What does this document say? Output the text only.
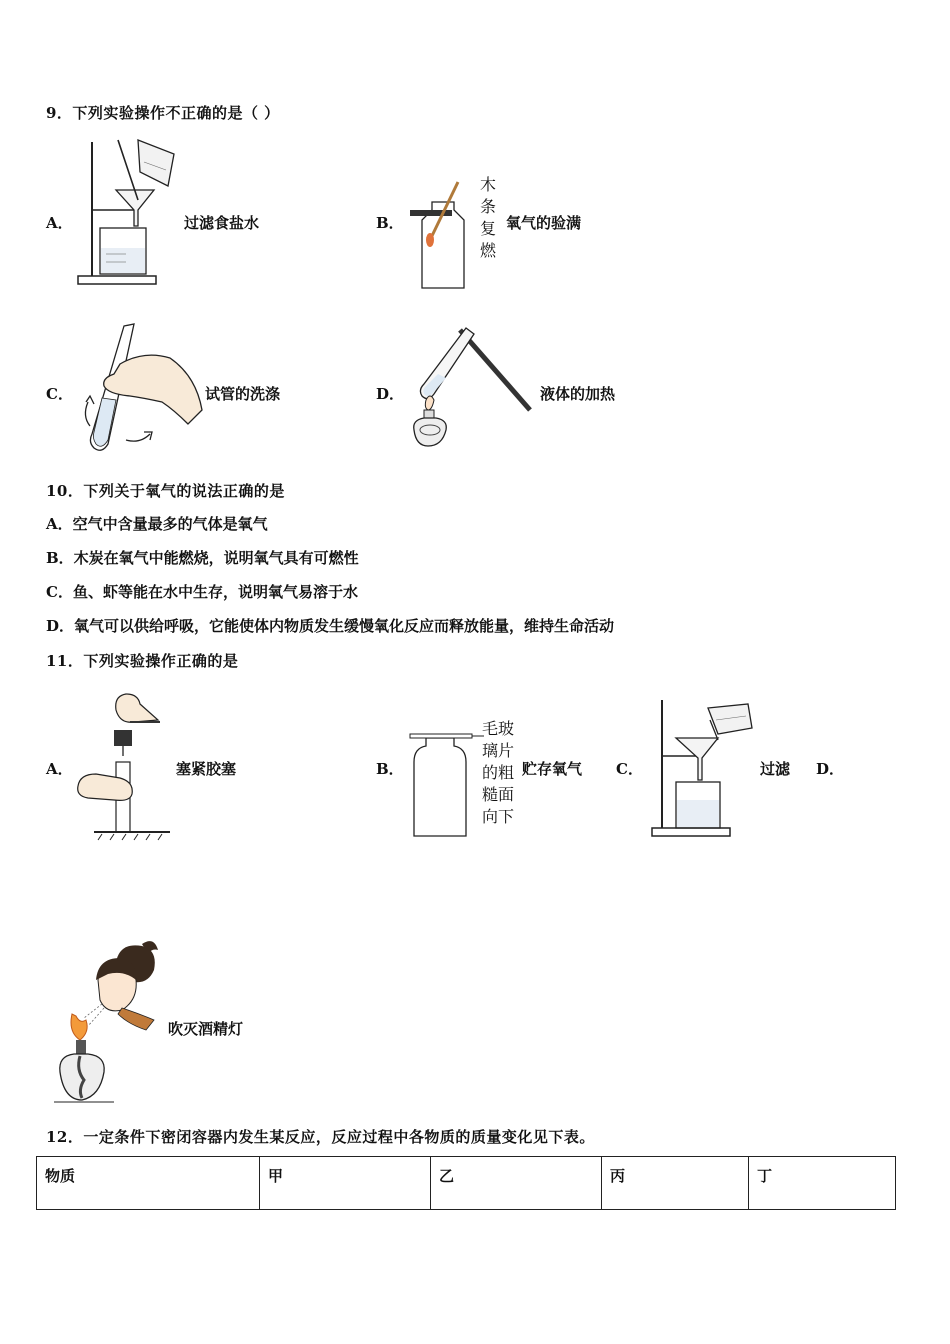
9．下列实验操作不正确的是（ ）
A．	过滤食盐水
木
条
复
燃
B．	氧气的验满
C．	试管的洗涤	D．	液体的加热
10．下列关于氧气的说法正确的是
A．空气中含量最多的气体是氧气
B．木炭在氧气中能燃烧，说明氧气具有可燃性
C．鱼、虾等能在水中生存，说明氧气易溶于水
D．氧气可以供给呼吸，它能使体内物质发生缓慢氧化反应而释放能量，维持生命活动
11．下列实验操作正确的是
A．	塞紧胶塞
毛玻
璃片
的粗
糙面
向下
B．	贮存氧气 C．	过滤 D．
吹灭酒精灯
12．一定条件下密闭容器内发生某反应，反应过程中各物质的质量变化见下表。
物质	甲	乙	丙	丁
